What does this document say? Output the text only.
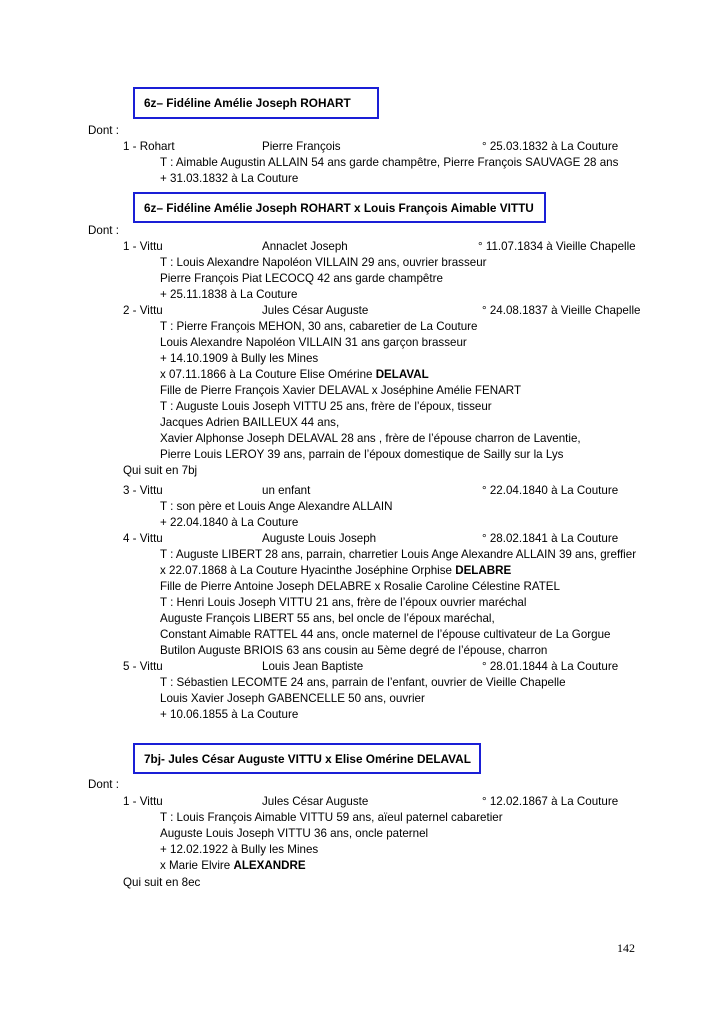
6z– Fidéline Amélie Joseph ROHART
Dont :
1 - Rohart	Pierre François	° 25.03.1832 à La Couture
T : Aimable Augustin ALLAIN 54 ans garde champêtre, Pierre François SAUVAGE 28 ans
+ 31.03.1832 à La Couture
6z– Fidéline Amélie Joseph ROHART x Louis François Aimable VITTU
Dont :
1 - Vittu	Annaclet Joseph	° 11.07.1834 à Vieille Chapelle
T : Louis Alexandre Napoléon VILLAIN 29 ans, ouvrier brasseur
Pierre François Piat LECOCQ 42 ans garde champêtre
+ 25.11.1838 à La Couture
2 - Vittu	Jules César Auguste	° 24.08.1837 à Vieille Chapelle
T : Pierre François MEHON, 30 ans, cabaretier de La Couture
Louis Alexandre Napoléon VILLAIN 31 ans garçon brasseur
+ 14.10.1909 à Bully les Mines
x 07.11.1866 à La Couture Elise Omérine DELAVAL
Fille de Pierre François Xavier DELAVAL x Joséphine Amélie FENART
T : Auguste Louis Joseph VITTU 25 ans, frère de l’époux, tisseur
Jacques Adrien BAILLEUX 44 ans,
Xavier Alphonse Joseph DELAVAL 28 ans , frère de l’épouse charron de Laventie,
Pierre Louis LEROY 39 ans, parrain de l’époux domestique de Sailly sur la Lys
Qui suit en 7bj
3 - Vittu	un enfant	° 22.04.1840 à La Couture
T : son père et Louis Ange Alexandre ALLAIN
+ 22.04.1840 à La Couture
4 - Vittu	Auguste Louis Joseph	° 28.02.1841 à La Couture
T : Auguste LIBERT 28 ans, parrain, charretier Louis Ange Alexandre ALLAIN 39 ans, greffier
x 22.07.1868 à La Couture Hyacinthe Joséphine Orphise DELABRE
Fille de Pierre Antoine Joseph DELABRE x Rosalie Caroline Célestine RATEL
T : Henri Louis Joseph VITTU 21 ans, frère de l’époux ouvrier maréchal
Auguste François LIBERT 55 ans, bel oncle de l’époux maréchal,
Constant Aimable RATTEL 44 ans, oncle maternel de l’épouse cultivateur de La Gorgue
Butilon Auguste BRIOIS 63 ans cousin au 5ème degré de l’épouse, charron
5 - Vittu	Louis Jean Baptiste	° 28.01.1844 à La Couture
T : Sébastien LECOMTE 24 ans, parrain de l’enfant, ouvrier de Vieille Chapelle
Louis Xavier Joseph GABENCELLE 50 ans, ouvrier
+ 10.06.1855 à La Couture
7bj- Jules César Auguste VITTU x Elise Omérine DELAVAL
Dont :
1 - Vittu	Jules César Auguste	° 12.02.1867 à La Couture
T : Louis François Aimable VITTU 59 ans, aïeul paternel cabaretier
Auguste Louis Joseph VITTU 36 ans, oncle paternel
+ 12.02.1922 à Bully les Mines
x Marie Elvire ALEXANDRE
Qui suit en 8ec
142
